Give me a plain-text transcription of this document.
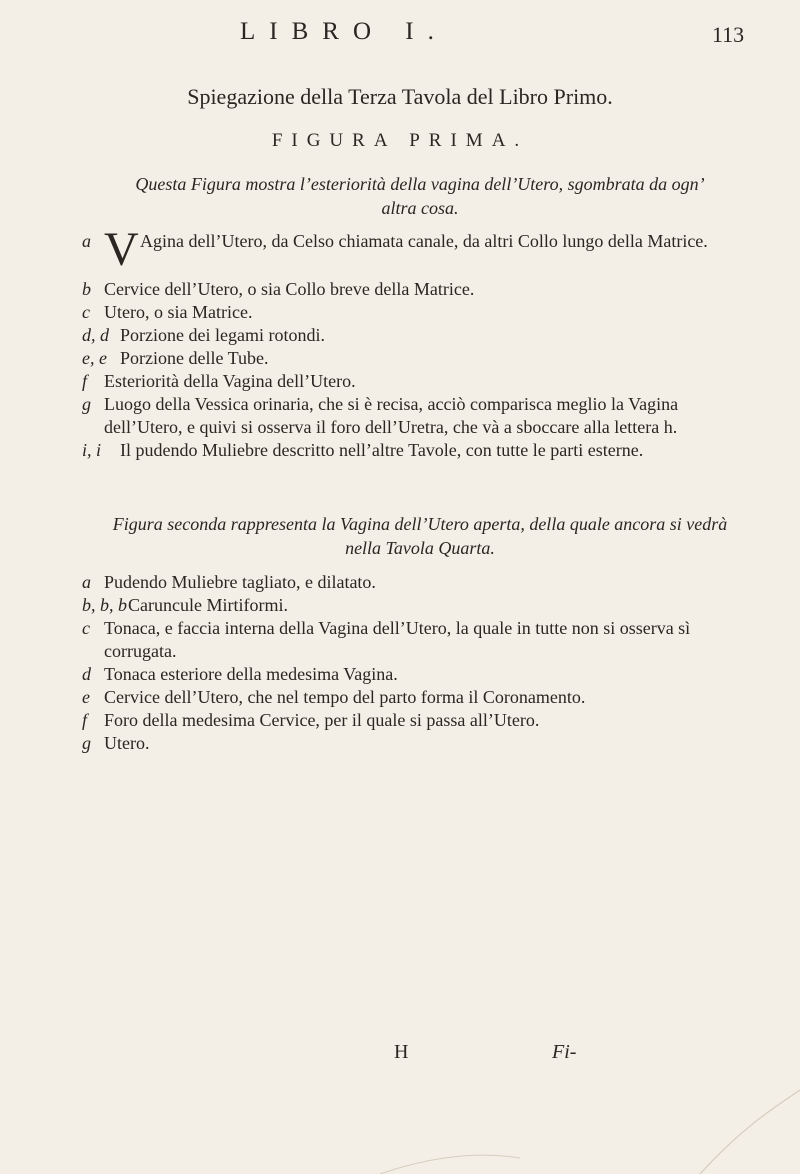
LIBRO I.	113
Spiegazione della Terza Tavola del Libro Primo.
FIGURA PRIMA.
Questa Figura mostra l’esteriorità della vagina dell’Utero, sgombrata da ogn’ altra cosa.
a V Agina dell’Utero, da Celso chiamata canale, da altri Collo lungo della Matrice.

b Cervice dell’Utero, o sia Collo breve della Matrice.

c Utero, o sia Matrice.

d, d Porzione dei legami rotondi.

e, e Porzione delle Tube.

f Esteriorità della Vagina dell’Utero.

g Luogo della Vessica orinaria, che si è recisa, acciò comparisca meglio la Vagina dell’Utero, e quivi si osserva il foro dell’Uretra, che và a sboccare alla lettera h.

i, i Il pudendo Muliebre descritto nell’altre Tavole, con tutte le parti esterne.

Figura seconda rappresenta la Vagina dell’Utero aperta, della quale ancora si vedrà nella Tavola Quarta.

a Pudendo Muliebre tagliato, e dilatato.

b, b, b Caruncule Mirtiformi.

c Tonaca, e faccia interna della Vagina dell’Utero, la quale in tutte non si osserva sì corrugata.

d Tonaca esteriore della medesima Vagina.

e Cervice dell’Utero, che nel tempo del parto forma il Coronamento.

f Foro della medesima Cervice, per il quale si passa all’Utero.

g Utero.

H	Fi-
